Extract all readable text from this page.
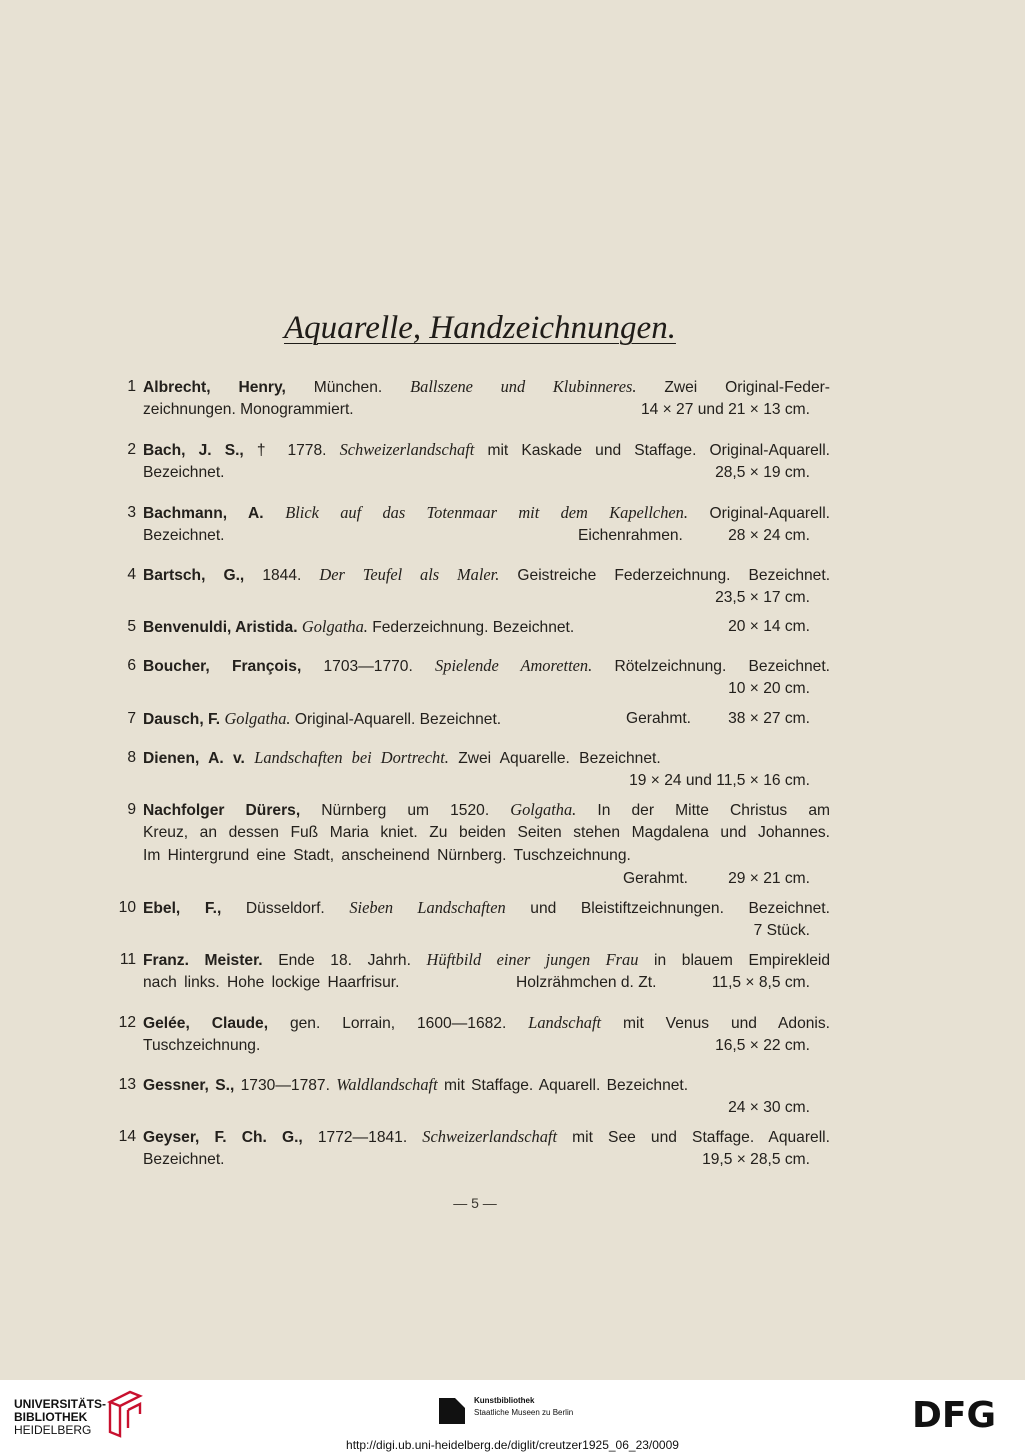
Aquarelle, Handzeichnungen.
1 Albrecht, Henry, München. Ballszene und Klubinneres. Zwei Original-Feder-
zeichnungen. Monogrammiert.	14 × 27 und 21 × 13 cm.
2 Bach, J. S., † 1778. Schweizerlandschaft mit Kaskade und Staffage. Original-Aquarell.
Bezeichnet.	28,5 × 19 cm.
3 Bachmann, A. Blick auf das Totenmaar mit dem Kapellchen. Original-Aquarell.
Bezeichnet.	Eichenrahmen.	28 × 24 cm.
4 Bartsch, G., 1844. Der Teufel als Maler. Geistreiche Federzeichnung. Bezeichnet.
23,5 × 17 cm.
5 Benvenuldi, Aristida. Golgatha. Federzeichnung. Bezeichnet.	20 × 14 cm.
6 Boucher, François, 1703—1770. Spielende Amoretten. Rötelzeichnung. Bezeichnet.
10 × 20 cm.
7 Dausch, F. Golgatha. Original-Aquarell. Bezeichnet.	Gerahmt. 38 × 27 cm.
8 Dienen, A. v. Landschaften bei Dortrecht. Zwei Aquarelle. Bezeichnet.
19 × 24 und 11,5 × 16 cm.
9 Nachfolger Dürers, Nürnberg um 1520. Golgatha. In der Mitte Christus am
Kreuz, an dessen Fuß Maria kniet. Zu beiden Seiten stehen Magdalena und Johannes.
Im Hintergrund eine Stadt, anscheinend Nürnberg. Tuschzeichnung.
Gerahmt.	29 × 21 cm.
10 Ebel, F., Düsseldorf. Sieben Landschaften und Bleistiftzeichnungen. Bezeichnet.
7 Stück.
11 Franz. Meister. Ende 18. Jahrh. Hüftbild einer jungen Frau in blauem Empirekleid
nach links. Hohe lockige Haarfrisur.	Holzrähmchen d. Zt.	11,5 × 8,5 cm.
12 Gelée, Claude, gen. Lorrain, 1600—1682. Landschaft mit Venus und Adonis.
Tuschzeichnung.	16,5 × 22 cm.
13 Gessner, S., 1730—1787. Waldlandschaft mit Staffage. Aquarell. Bezeichnet.
24 × 30 cm.
14 Geyser, F. Ch. G., 1772—1841. Schweizerlandschaft mit See und Staffage. Aquarell.
Bezeichnet.	19,5 × 28,5 cm.
— 5 —
UNIVERSITÄTS-
BIBLIOTHEK
HEIDELBERG
Kunstbibliothek
Staatliche Museen zu Berlin	DFG
http://digi.ub.uni-heidelberg.de/diglit/creutzer1925_06_23/0009
